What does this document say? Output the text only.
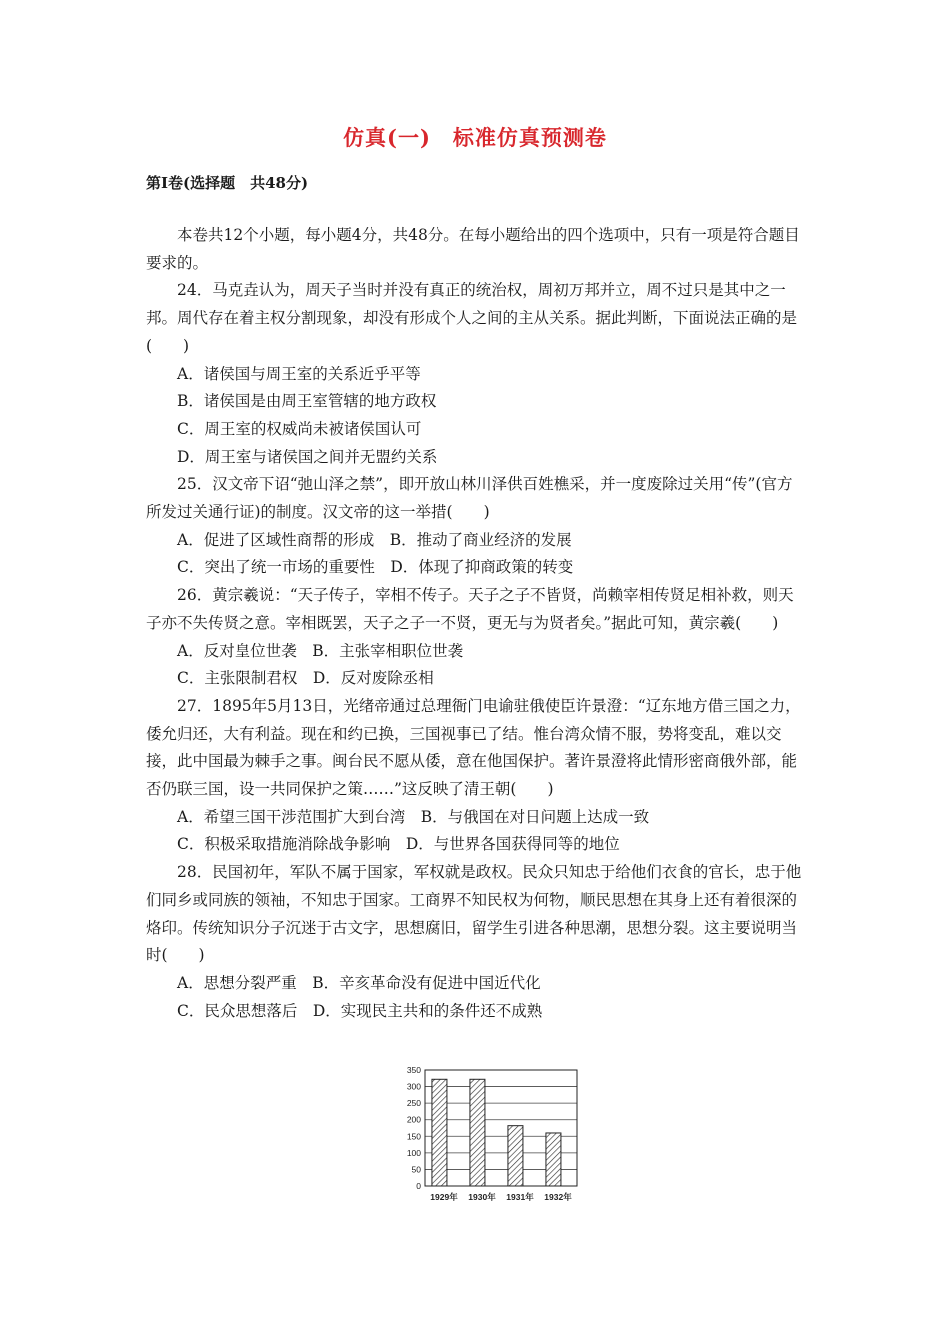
仿真(一)　标准仿真预测卷
第Ⅰ卷(选择题　共48分)

本卷共12个小题，每小题4分，共48分。在每小题给出的四个选项中，只有一项是符合题目要求的。

24．马克垚认为，周天子当时并没有真正的统治权，周初万邦并立，周不过只是其中之一邦。周代存在着主权分割现象，却没有形成个人之间的主从关系。据此判断，下面说法正确的是(　　)

A．诸侯国与周王室的关系近乎平等

B．诸侯国是由周王室管辖的地方政权

C．周王室的权威尚未被诸侯国认可

D．周王室与诸侯国之间并无盟约关系

25．汉文帝下诏“弛山泽之禁”，即开放山林川泽供百姓樵采，并一度废除过关用“传”(官方所发过关通行证)的制度。汉文帝的这一举措(　　)

A．促进了区域性商帮的形成　B．推动了商业经济的发展

C．突出了统一市场的重要性　D．体现了抑商政策的转变

26．黄宗羲说：“天子传子，宰相不传子。天子之子不皆贤，尚赖宰相传贤足相补救，则天子亦不失传贤之意。宰相既罢，天子之子一不贤，更无与为贤者矣。”据此可知，黄宗羲(　　)

A．反对皇位世袭　B．主张宰相职位世袭

C．主张限制君权　D．反对废除丞相

27．1895年5月13日，光绪帝通过总理衙门电谕驻俄使臣许景澄：“辽东地方借三国之力，倭允归还，大有利益。现在和约已换，三国视事已了结。惟台湾众情不服，势将变乱，难以交接，此中国最为棘手之事。闽台民不愿从倭，意在他国保护。著许景澄将此情形密商俄外部，能否仍联三国，设一共同保护之策……”这反映了清王朝(　　)

A．希望三国干涉范围扩大到台湾　B．与俄国在对日问题上达成一致

C．积极采取措施消除战争影响　D．与世界各国获得同等的地位

28．民国初年，军队不属于国家，军权就是政权。民众只知忠于给他们衣食的官长，忠于他们同乡或同族的领袖，不知忠于国家。工商界不知民权为何物，顺民思想在其身上还有着很深的烙印。传统知识分子沉迷于古文字，思想腐旧，留学生引进各种思潮，思想分裂。这主要说明当时(　　)

A．思想分裂严重　B．辛亥革命没有促进中国近代化

C．民众思想落后　D．实现民主共和的条件还不成熟

0
50
100
150
200
250
300
350
1929年 1930年 1931年 1932年
